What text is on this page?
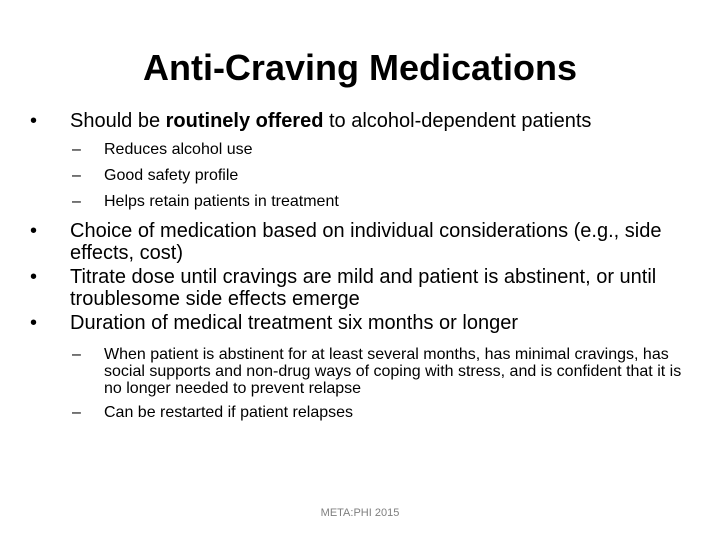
Anti-Craving Medications
• Should be routinely offered to alcohol-dependent patients
– Reduces alcohol use
– Good safety profile
– Helps retain patients in treatment
• Choice of medication based on individual considerations (e.g., side effects, cost)
• Titrate dose until cravings are mild and patient is abstinent, or until troublesome side effects emerge
• Duration of medical treatment six months or longer
– When patient is abstinent for at least several months, has minimal cravings, has social supports and non-drug ways of coping with stress, and is confident that it is no longer needed to prevent relapse
– Can be restarted if patient relapses
META:PHI 2015
